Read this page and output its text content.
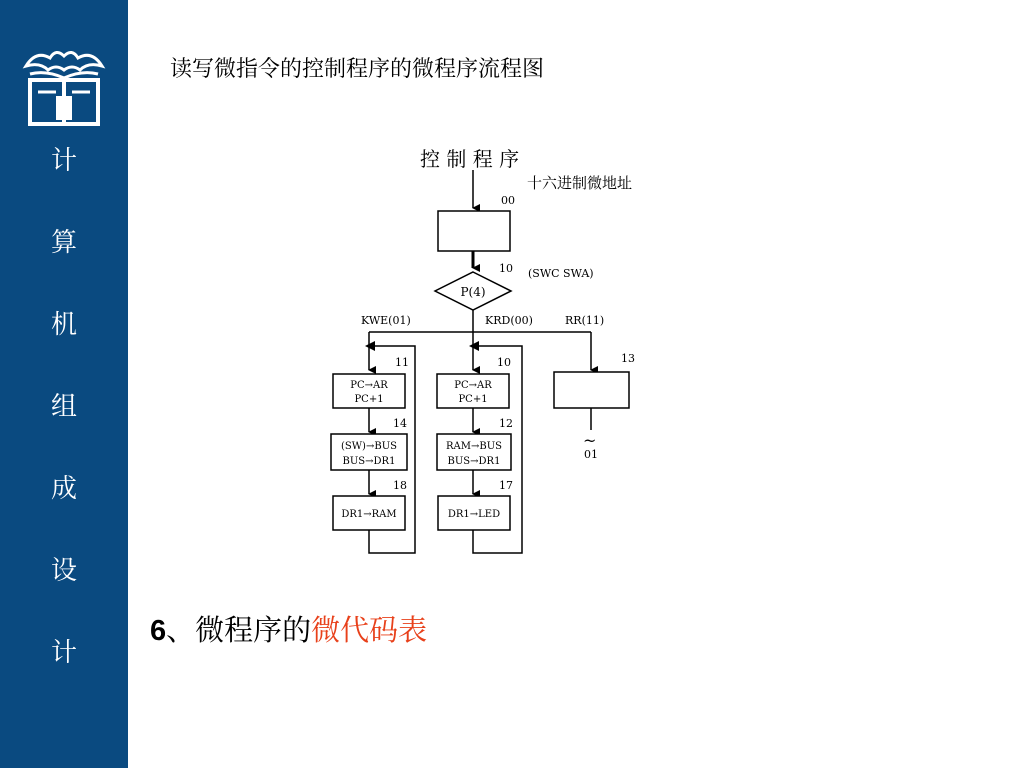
计
算
机
组
成
设
计
读写微指令的控制程序的微程序流程图
控 制 程 序
十六进制微地址
00
10 (SWC SWA)
P(4)
KWE(01)	KRD(00)	RR(11)
11	10	13
PC→AR
PC+1
PC→AR
PC+1
~
01
14	12
(SW)→BUS
BUS→DR1
RAM→BUS
BUS→DR1
18	17
DR1→RAM	DR1→LED
6、微程序的微代码表
